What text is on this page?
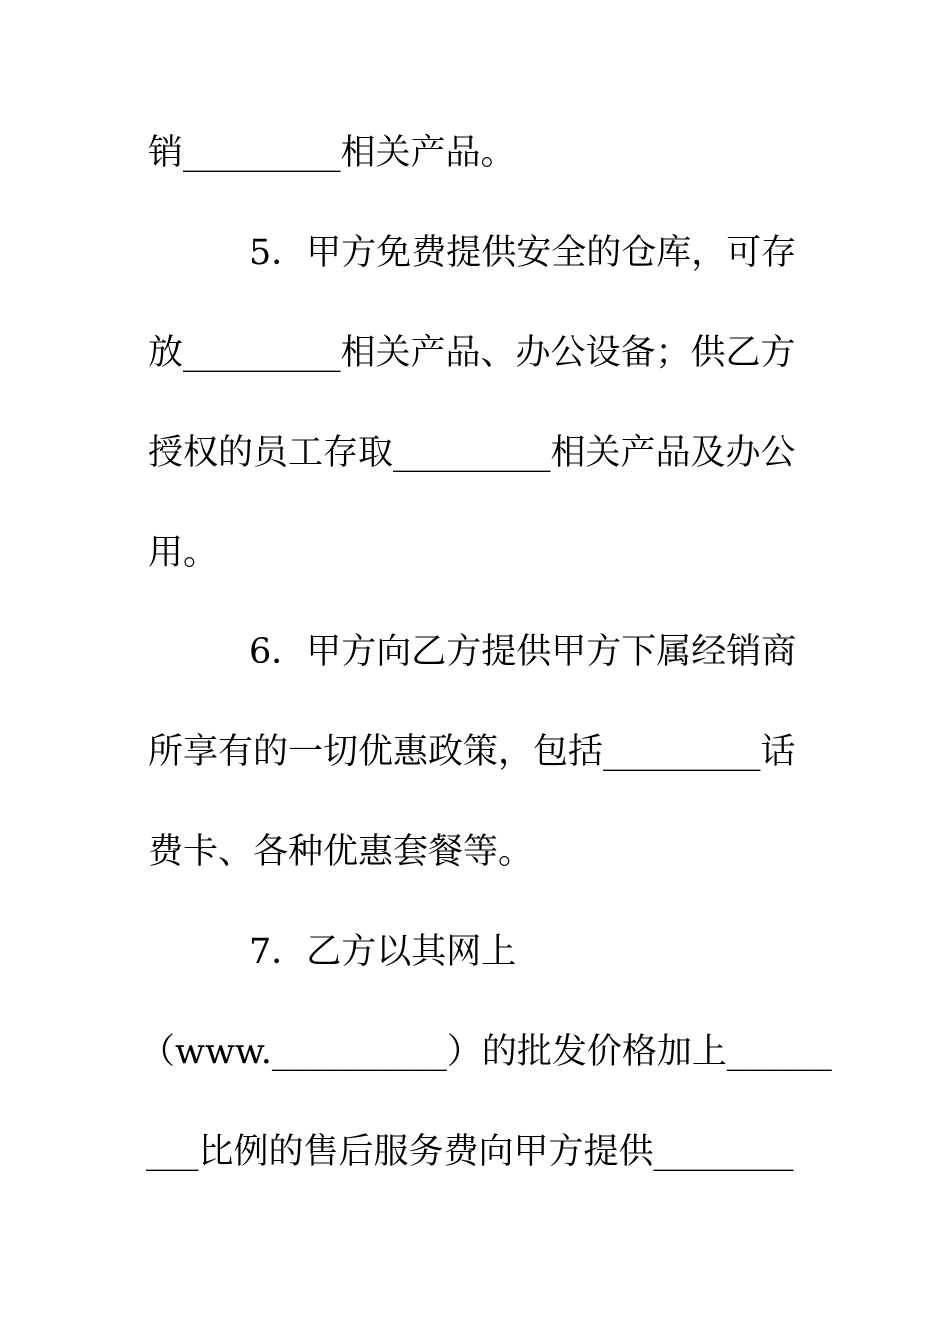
销_________相关产品。
5．甲方免费提供安全的仓库，可存
放_________相关产品、办公设备；供乙方
授权的员工存取_________相关产品及办公
用。
6．甲方向乙方提供甲方下属经销商
所享有的一切优惠政策，包括_________话
费卡、各种优惠套餐等。
7．乙方以其网上
（www.__________）的批发价格加上______
___比例的售后服务费向甲方提供________
